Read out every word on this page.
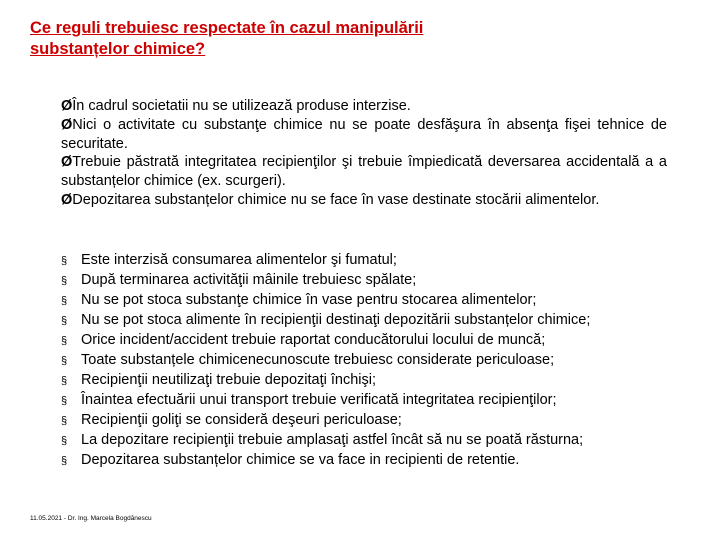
Ce reguli trebuiesc respectate în cazul manipulării
substanțelor chimice?

ØÎn cadrul societatii nu se utilizează produse interzise.

ØNici o activitate cu substanţe chimice nu se poate desfăşura în absenţa fişei tehnice de securitate.

ØTrebuie păstrată integritatea recipienţilor şi trebuie împiedicată deversarea accidentală a a substanțelor chimice (ex. scurgeri).

ØDepozitarea substanțelor chimice nu se face în vase destinate stocării alimentelor.

§ Este interzisă consumarea alimentelor şi fumatul;

§ După terminarea activităţii mâinile trebuiesc spălate;

§ Nu se pot stoca substanţe chimice în vase pentru stocarea alimentelor;

§ Nu se pot stoca alimente în recipienţii destinaţi depozitării substanțelor chimice;

§ Orice incident/accident trebuie raportat conducătorului locului de muncă;

§ Toate substanțele chimicenecunoscute trebuiesc considerate periculoase;

§ Recipienţii neutilizaţi trebuie depozitaţi închişi;

§ Înaintea efectuării unui transport trebuie verificată integritatea recipienţilor;

§ Recipienţii goliţi se consideră deşeuri periculoase;

§ La depozitare recipienţii trebuie amplasaţi astfel încât să nu se poată răsturna;

§ Depozitarea substanțelor chimice se va face in recipienti de retentie.

11.05.2021 - Dr. Ing. Marcela Bogdănescu
